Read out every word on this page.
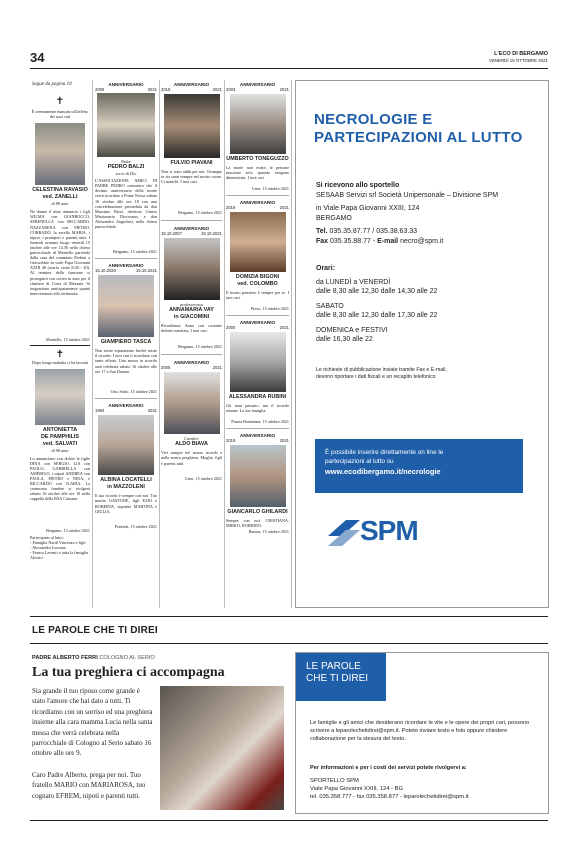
34	L'ECO DI BERGAMO
VENERDÌ 15 OTTOBRE 2021
Segue da pagina 10
✝
È serenamente mancato all'affetto dei suoi cari
CELESTINA RAVASIO
ved. ZANELLI
di 88 anni
Ne danno il triste annuncio i figli WILMA con GIANROCCO, SERENELLA con RICCARDO, NAZZARENA con PIETRO, CORRADO, la sorella MARIA, i nipoti, i pronipoti e parenti tutti. I funerali avranno luogo venerdì 15 ottobre alle ore 14,30 nella chiesa parrocchiale di Montello partendo dalla casa del commiato Pedrini a Grassobbio in viale Papa Giovanni XXIII 40 (orario visite 8,30 - 20). Al termine della funzione si proseguirà con corteo in auto per il cimitero di Costa di Mezzate. Si ringraziano anticipatamente quanti interverranno alla cerimonia.
Montello, 15 ottobre 2021
✝
Dopo lunga malattia ci ha lasciati
ANTONIETTA
DE PAMPHILIS
ved. SALVATI
di 98 anni
Lo annunciano con dolore le figlie DINA con SERGIO, LIA con PAOLO, GABRIELLA con AMERIGO, i nipoti ANDREA con PAOLA, PIETRO e NINA, e RICCARDO con ILARIA. La cerimonia funebre si svolgerà sabato 16 ottobre alle ore 10 nella cappella della RSA Carisma.
Bergamo, 13 ottobre 2021
Partecipano al lutto:
- Famiglia Nardi Vincenzo e figli
- Alessandra Lussana
- Franca Levanti e tutta la famiglia Alessio
ANNIVERSARIO
2009	2021
Padre
PEDRO BALZI
servo di Dio
L'ASSOCIAZIONE AMICI DI PADRE PEDRO comunica che il decimo anniversario della morte verrà ricordato a Ponte Nossa sabato 16 ottobre alle ore 18 con una concelebrazione presieduta da don Massimo Rizzi, direttore Centro Missionario Diocesano, e don Alessandro Angioletti, nella chiesa parrocchiale.
Bergamo, 15 ottobre 2021
ANNIVERSARIO
15.10.2020	15.10.2021
GIAMPIERO TASCA
Non esiste separazione finché esiste il ricordo. I tuoi cari ti ricordano con tanto affetto. Una messa in ricordo sarà celebrata sabato 16 ottobre alle ore 17 a San Donato.
Osio Sotto, 15 ottobre 2021
ANNIVERSARIO
1994	2021
ALBINA LOCATELLI
in MAZZOLENI
Il tuo ricordo è sempre con noi. Tuo marito GASTONE, figli EZIO e ROBERTA, nipotine MARTINA e GIULIA.
Ponteda, 15 ottobre 2021
ANNIVERSARIO
2018	2021
FULVIO PIAVANI
Non ci sono addii per noi. Ovunque tu sia sarai sempre nel nostro cuore. Ci manchi. I tuoi cari.
Bergamo, 15 ottobre 2021
ANNIVERSARIO
15.10.2007	15.10.2021
professoressa
ANNAMARIA VAY
in GIACOMINI
Ricordiamo Anna con costante dolente mestizia. I tuoi cari.
Bergamo, 15 ottobre 2021
ANNIVERSARIO
2005	2021
Cavalier
ALDO BIAVA
Vivi sempre nel nostro ricordo e nella nostra preghiera. Moglie, figli e parenti tutti.
Cene, 15 ottobre 2021
ANNIVERSARIO
2003	2021
UMBERTO TONEGUZZO
La morte non esiste, le persone muoiono solo quando vengono dimenticate. I tuoi cari.
Cene, 15 ottobre 2021
ANNIVERSARIO
2019	2021
DOMIZIA BIGONI
ved. COLOMBO
Il nostro pensiero è sempre per te. I tuoi cari.
Pievo, 15 ottobre 2021
ANNIVERSARIO
2000	2021
ALESSANDRA RUBINI
Gli anni passano, ma il ricordo rimane. La tua famiglia.
Piazza Brembana, 15 ottobre 2021
ANNIVERSARIO
2019	2021
GIANCARLO GHILARDI
Sempre con noi. CRISTIANA, MIRKO, ROBERTO.
Ranica, 15 ottobre 2021
NECROLOGIE E
PARTECIPAZIONI AL LUTTO
Si ricevono allo sportello
SESAAB Servizi srl Società Unipersonale – Divisione SPM
in Viale Papa Giovanni XXIII, 124
BERGAMO
Tel. 035.35.87.77 / 035.38.63.33
Fax 035.35.88.77 - E-mail necro@spm.it
Orari:
da LUNEDÌ a VENERDÌ
dalle 8,30 alle 12,30 dalle 14,30 alle 22
SABATO
dalle 8,30 alle 12,30 dalle 17,30 alle 22
DOMENICA e FESTIVI
dalle 16,30 alle 22
Le richieste di pubblicazione inviate tramite Fax e E-mail,
devono riportare i dati fiscali e un recapito telefonico
È possibile inserire direttamente on line le
partecipazioni al lutto su
www.ecodibergamo.it/necrologie
SPM
LE PAROLE CHE TI DIREI
PADRE ALBERTO FERRI COLOGNO AL SERIO
La tua preghiera ci accompagna
Sia grande il tuo riposo come grande è stato l'amore che hai dato a tutti. Ti ricordiamo con un sorriso ed una preghiera insieme alla cara mamma Lucia nella santa messa che verrà celebrata nella parrocchiale di Cologno al Serio sabato 16 ottobre alle ore 9.
Caro Padre Alberto, prega per noi. Tuo fratello MARIO con MARIAROSA, tuo cognato EFREM, nipoti e parenti tutti.
LE PAROLE
CHE TI DIREI
Le famiglie e gli amici che desiderano ricordare le vite e le opere dei propri cari, possono scrivere a leparolechetidirei@spm.it. Potete inviare testo e foto oppure chiedere collaborazione per la stesura del testo.
Per informazioni e per i costi dei servizi potete rivolgervi a:
SPORTELLO SPM
Viale Papa Giovanni XXIII, 124 - BG
tel. 035.358.777 - fax 035.358.877 - leparolechetidirei@spm.it
